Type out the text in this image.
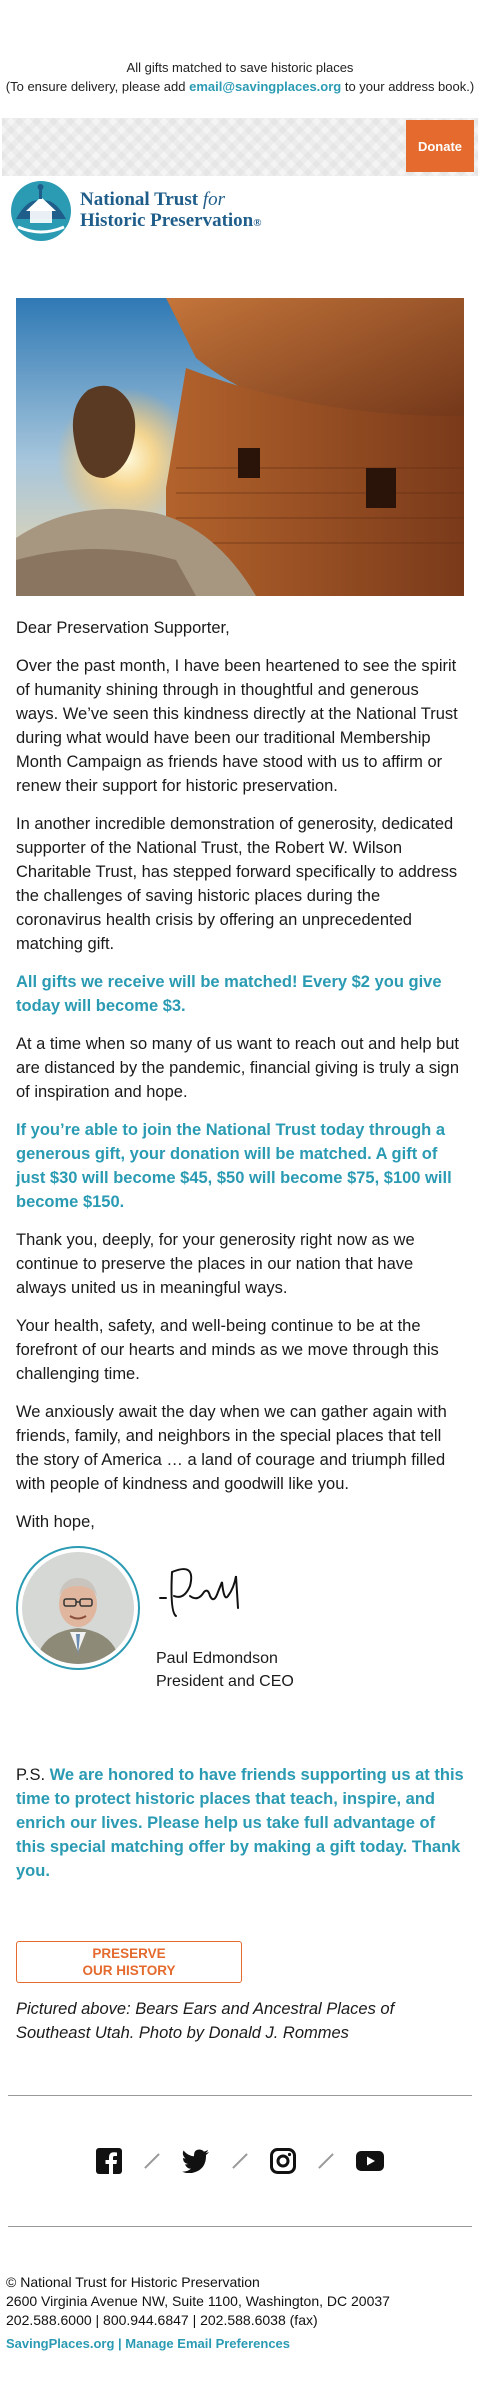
All gifts matched to save historic places
(To ensure delivery, please add email@savingplaces.org to your address book.)
Donate
National Trust for
Historic Preservation®

Dear Preservation Supporter,

Over the past month, I have been heartened to see the spirit of humanity shining through in thoughtful and generous ways. We’ve seen this kindness directly at the National Trust during what would have been our traditional Membership Month Campaign as friends have stood with us to affirm or renew their support for historic preservation.

In another incredible demonstration of generosity, dedicated supporter of the National Trust, the Robert W. Wilson Charitable Trust, has stepped forward specifically to address the challenges of saving historic places during the coronavirus health crisis by offering an unprecedented matching gift.

All gifts we receive will be matched! Every $2 you give today will become $3.

At a time when so many of us want to reach out and help but are distanced by the pandemic, financial giving is truly a sign of inspiration and hope.

If you’re able to join the National Trust today through a generous gift, your donation will be matched. A gift of just $30 will become $45, $50 will become $75, $100 will become $150.

Thank you, deeply, for your generosity right now as we continue to preserve the places in our nation that have always united us in meaningful ways.

Your health, safety, and well-being continue to be at the forefront of our hearts and minds as we move through this challenging time.

We anxiously await the day when we can gather again with friends, family, and neighbors in the special places that tell the story of America … a land of courage and triumph filled with people of kindness and goodwill like you.

With hope,

Paul Edmondson
President and CEO

P.S. We are honored to have friends supporting us at this time to protect historic places that teach, inspire, and enrich our lives. Please help us take full advantage of this special matching offer by making a gift today. Thank you.

PRESERVE
OUR HISTORY

Pictured above: Bears Ears and Ancestral Places of Southeast Utah. Photo by Donald J. Rommes

© National Trust for Historic Preservation
2600 Virginia Avenue NW, Suite 1100, Washington, DC 20037
202.588.6000 | 800.944.6847 | 202.588.6038 (fax)
SavingPlaces.org | Manage Email Preferences
